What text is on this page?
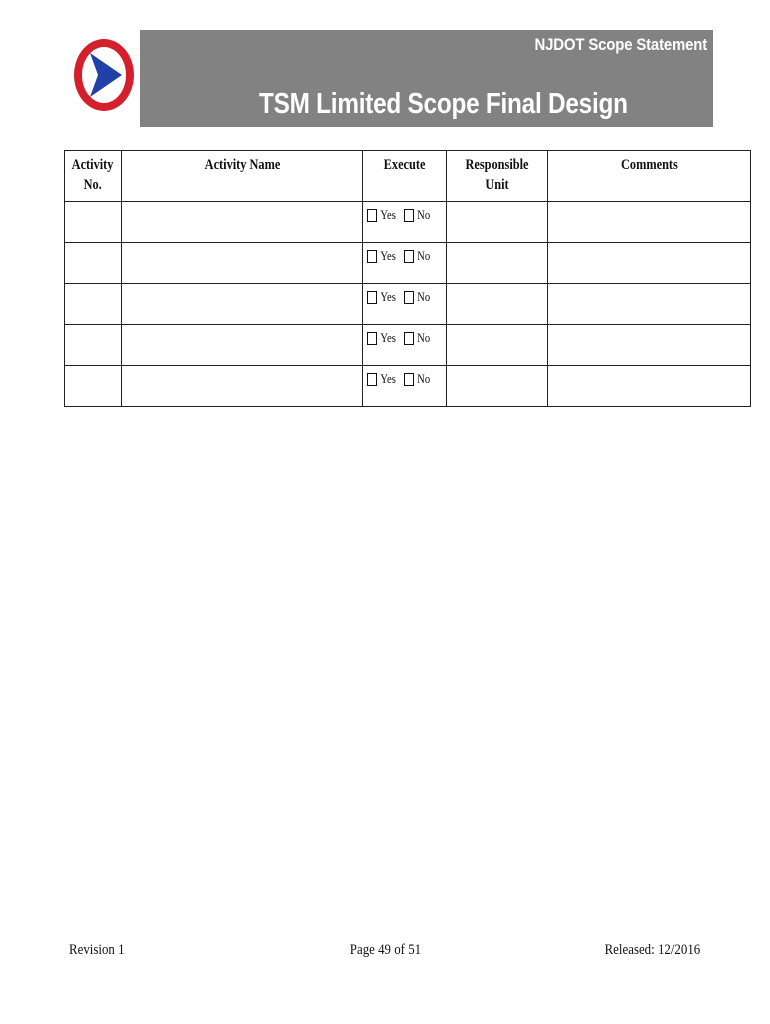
NJDOT Scope Statement
TSM Limited Scope Final Design
Activity
No.	Activity Name	Execute	Responsible Unit	Comments
		Yes No		
		Yes No		
		Yes No		
		Yes No		
		Yes No		
Revision 1	Page 49 of 51	Released: 12/2016
